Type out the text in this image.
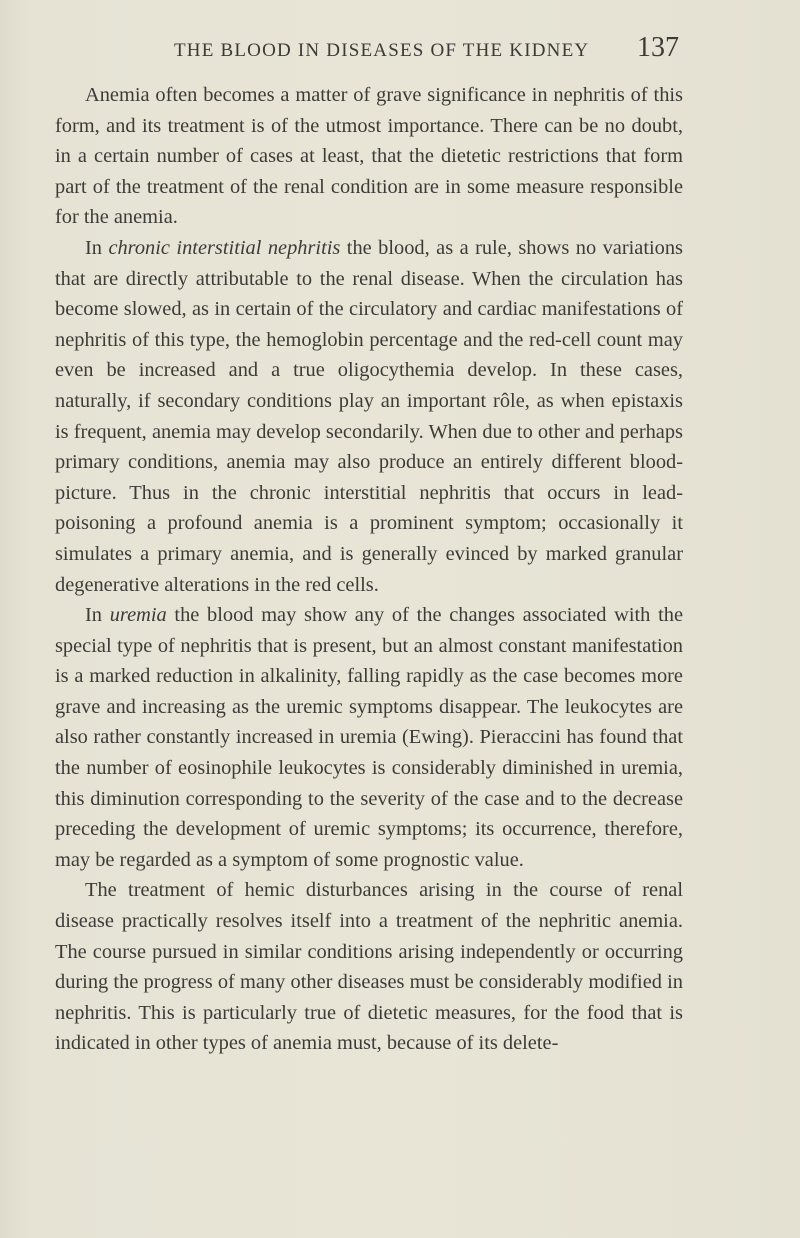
THE BLOOD IN DISEASES OF THE KIDNEY 137

Anemia often becomes a matter of grave significance in nephritis of this form, and its treatment is of the utmost importance. There can be no doubt, in a certain number of cases at least, that the dietetic restrictions that form part of the treatment of the renal condition are in some measure responsible for the anemia.

In chronic interstitial nephritis the blood, as a rule, shows no variations that are directly attributable to the renal disease. When the circulation has become slowed, as in certain of the circulatory and cardiac manifestations of nephritis of this type, the hemoglobin percentage and the red-cell count may even be increased and a true oligocythemia develop. In these cases, naturally, if secondary conditions play an important rôle, as when epistaxis is frequent, anemia may develop secondarily. When due to other and perhaps primary conditions, anemia may also produce an entirely different blood-picture. Thus in the chronic interstitial nephritis that occurs in lead-poisoning a profound anemia is a prominent symptom; occasionally it simulates a primary anemia, and is generally evinced by marked granular degenerative alterations in the red cells.

In uremia the blood may show any of the changes associated with the special type of nephritis that is present, but an almost constant manifestation is a marked reduction in alkalinity, falling rapidly as the case becomes more grave and increasing as the uremic symptoms disappear. The leukocytes are also rather constantly increased in uremia (Ewing). Pieraccini has found that the number of eosinophile leukocytes is considerably diminished in uremia, this diminution corresponding to the severity of the case and to the decrease preceding the development of uremic symptoms; its occurrence, therefore, may be regarded as a symptom of some prognostic value.

The treatment of hemic disturbances arising in the course of renal disease practically resolves itself into a treatment of the nephritic anemia. The course pursued in similar conditions arising independently or occurring during the progress of many other diseases must be considerably modified in nephritis. This is particularly true of dietetic measures, for the food that is indicated in other types of anemia must, because of its delete-
